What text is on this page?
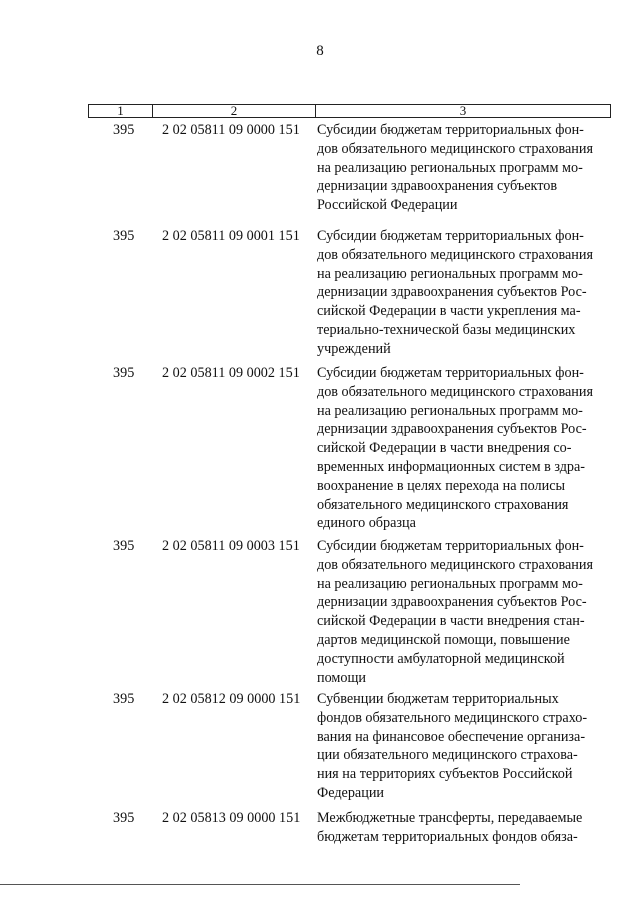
8
1	2	3
395 2 02 05811 09 0000 151 Субсидии бюджетам территориальных фон-
дов обязательного медицинского страхования
на реализацию региональных программ мо-
дернизации здравоохранения субъектов
Российской Федерации
395 2 02 05811 09 0001 151 Субсидии бюджетам территориальных фон-
дов обязательного медицинского страхования
на реализацию региональных программ мо-
дернизации здравоохранения субъектов Рос-
сийской Федерации в части укрепления ма-
териально-технической базы медицинских
учреждений
395 2 02 05811 09 0002 151 Субсидии бюджетам территориальных фон-
дов обязательного медицинского страхования
на реализацию региональных программ мо-
дернизации здравоохранения субъектов Рос-
сийской Федерации в части внедрения со-
временных информационных систем в здра-
воохранение в целях перехода на полисы
обязательного медицинского страхования
единого образца
395 2 02 05811 09 0003 151 Субсидии бюджетам территориальных фон-
дов обязательного медицинского страхования
на реализацию региональных программ мо-
дернизации здравоохранения субъектов Рос-
сийской Федерации в части внедрения стан-
дартов медицинской помощи, повышение
доступности амбулаторной медицинской
помощи
395 2 02 05812 09 0000 151 Субвенции бюджетам территориальных
фондов обязательного медицинского страхо-
вания на финансовое обеспечение организа-
ции обязательного медицинского страхова-
ния на территориях субъектов Российской
Федерации
395 2 02 05813 09 0000 151 Межбюджетные трансферты, передаваемые
бюджетам территориальных фондов обяза-
